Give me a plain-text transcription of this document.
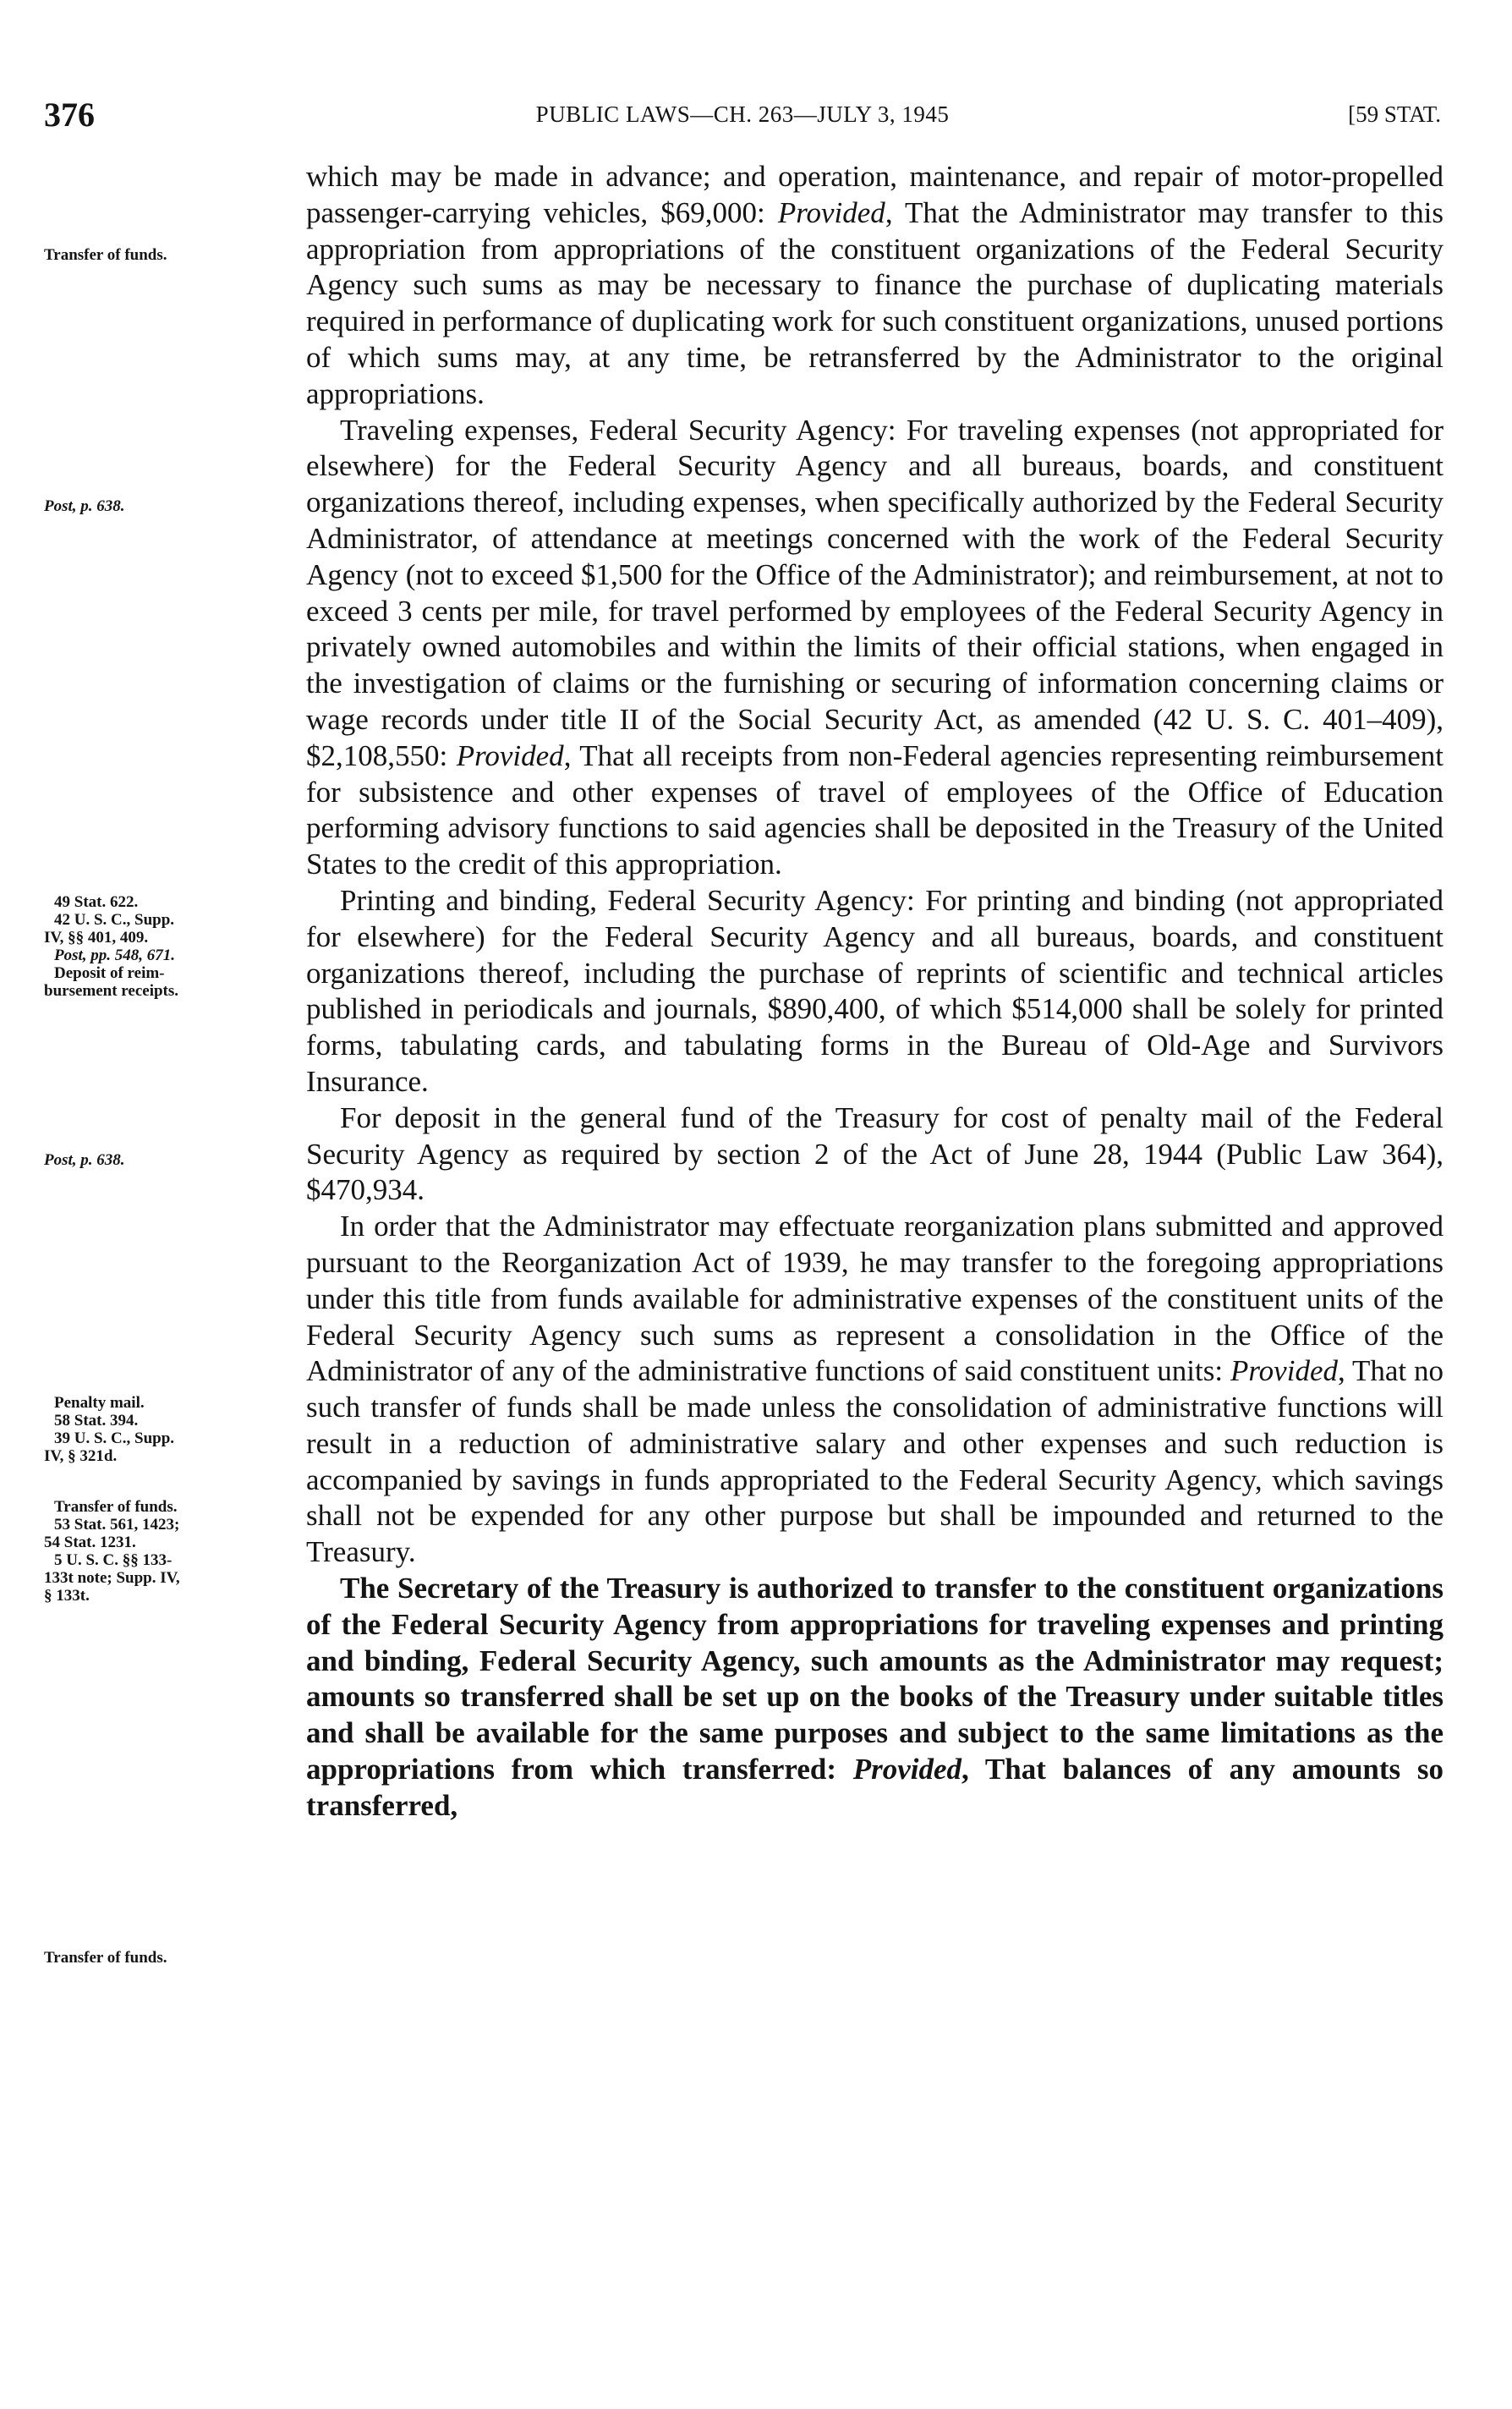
376	PUBLIC LAWS—CH. 263—JULY 3, 1945	[59 STAT.
Transfer of funds.
Post, p. 638.
49 Stat. 622.
42 U. S. C., Supp.
IV, §§ 401, 409.
Post, pp. 548, 671.
Deposit of reim-
bursement receipts.
Post, p. 638.
Penalty mail.
58 Stat. 394.
39 U. S. C., Supp.
IV, § 321d.
Transfer of funds.
53 Stat. 561, 1423;
54 Stat. 1231.
5 U. S. C. §§ 133-
133t note; Supp. IV,
§ 133t.
Transfer of funds.

which may be made in advance; and operation, maintenance, and repair of motor-propelled passenger-carrying vehicles, $69,000: Provided, That the Administrator may transfer to this appropriation from appropriations of the constituent organizations of the Federal Security Agency such sums as may be necessary to finance the purchase of duplicating materials required in performance of duplicating work for such constituent organizations, unused portions of which sums may, at any time, be retransferred by the Administrator to the original appropriations.

Traveling expenses, Federal Security Agency: For traveling expenses (not appropriated for elsewhere) for the Federal Security Agency and all bureaus, boards, and constituent organizations thereof, including expenses, when specifically authorized by the Federal Security Administrator, of attendance at meetings concerned with the work of the Federal Security Agency (not to exceed $1,500 for the Office of the Administrator); and reimbursement, at not to exceed 3 cents per mile, for travel performed by employees of the Federal Security Agency in privately owned automobiles and within the limits of their official stations, when engaged in the investigation of claims or the furnishing or securing of information concerning claims or wage records under title II of the Social Security Act, as amended (42 U. S. C. 401–409), $2,108,550: Provided, That all receipts from non-Federal agencies representing reimbursement for subsistence and other expenses of travel of employees of the Office of Education performing advisory functions to said agencies shall be deposited in the Treasury of the United States to the credit of this appropriation.

Printing and binding, Federal Security Agency: For printing and binding (not appropriated for elsewhere) for the Federal Security Agency and all bureaus, boards, and constituent organizations thereof, including the purchase of reprints of scientific and technical articles published in periodicals and journals, $890,400, of which $514,000 shall be solely for printed forms, tabulating cards, and tabulating forms in the Bureau of Old-Age and Survivors Insurance.

For deposit in the general fund of the Treasury for cost of penalty mail of the Federal Security Agency as required by section 2 of the Act of June 28, 1944 (Public Law 364), $470,934.

In order that the Administrator may effectuate reorganization plans submitted and approved pursuant to the Reorganization Act of 1939, he may transfer to the foregoing appropriations under this title from funds available for administrative expenses of the constituent units of the Federal Security Agency such sums as represent a consolidation in the Office of the Administrator of any of the administrative functions of said constituent units: Provided, That no such transfer of funds shall be made unless the consolidation of administrative functions will result in a reduction of administrative salary and other expenses and such reduction is accompanied by savings in funds appropriated to the Federal Security Agency, which savings shall not be expended for any other purpose but shall be impounded and returned to the Treasury.

The Secretary of the Treasury is authorized to transfer to the constituent organizations of the Federal Security Agency from appropriations for traveling expenses and printing and binding, Federal Security Agency, such amounts as the Administrator may request; amounts so transferred shall be set up on the books of the Treasury under suitable titles and shall be available for the same purposes and subject to the same limitations as the appropriations from which transferred: Provided, That balances of any amounts so transferred,
